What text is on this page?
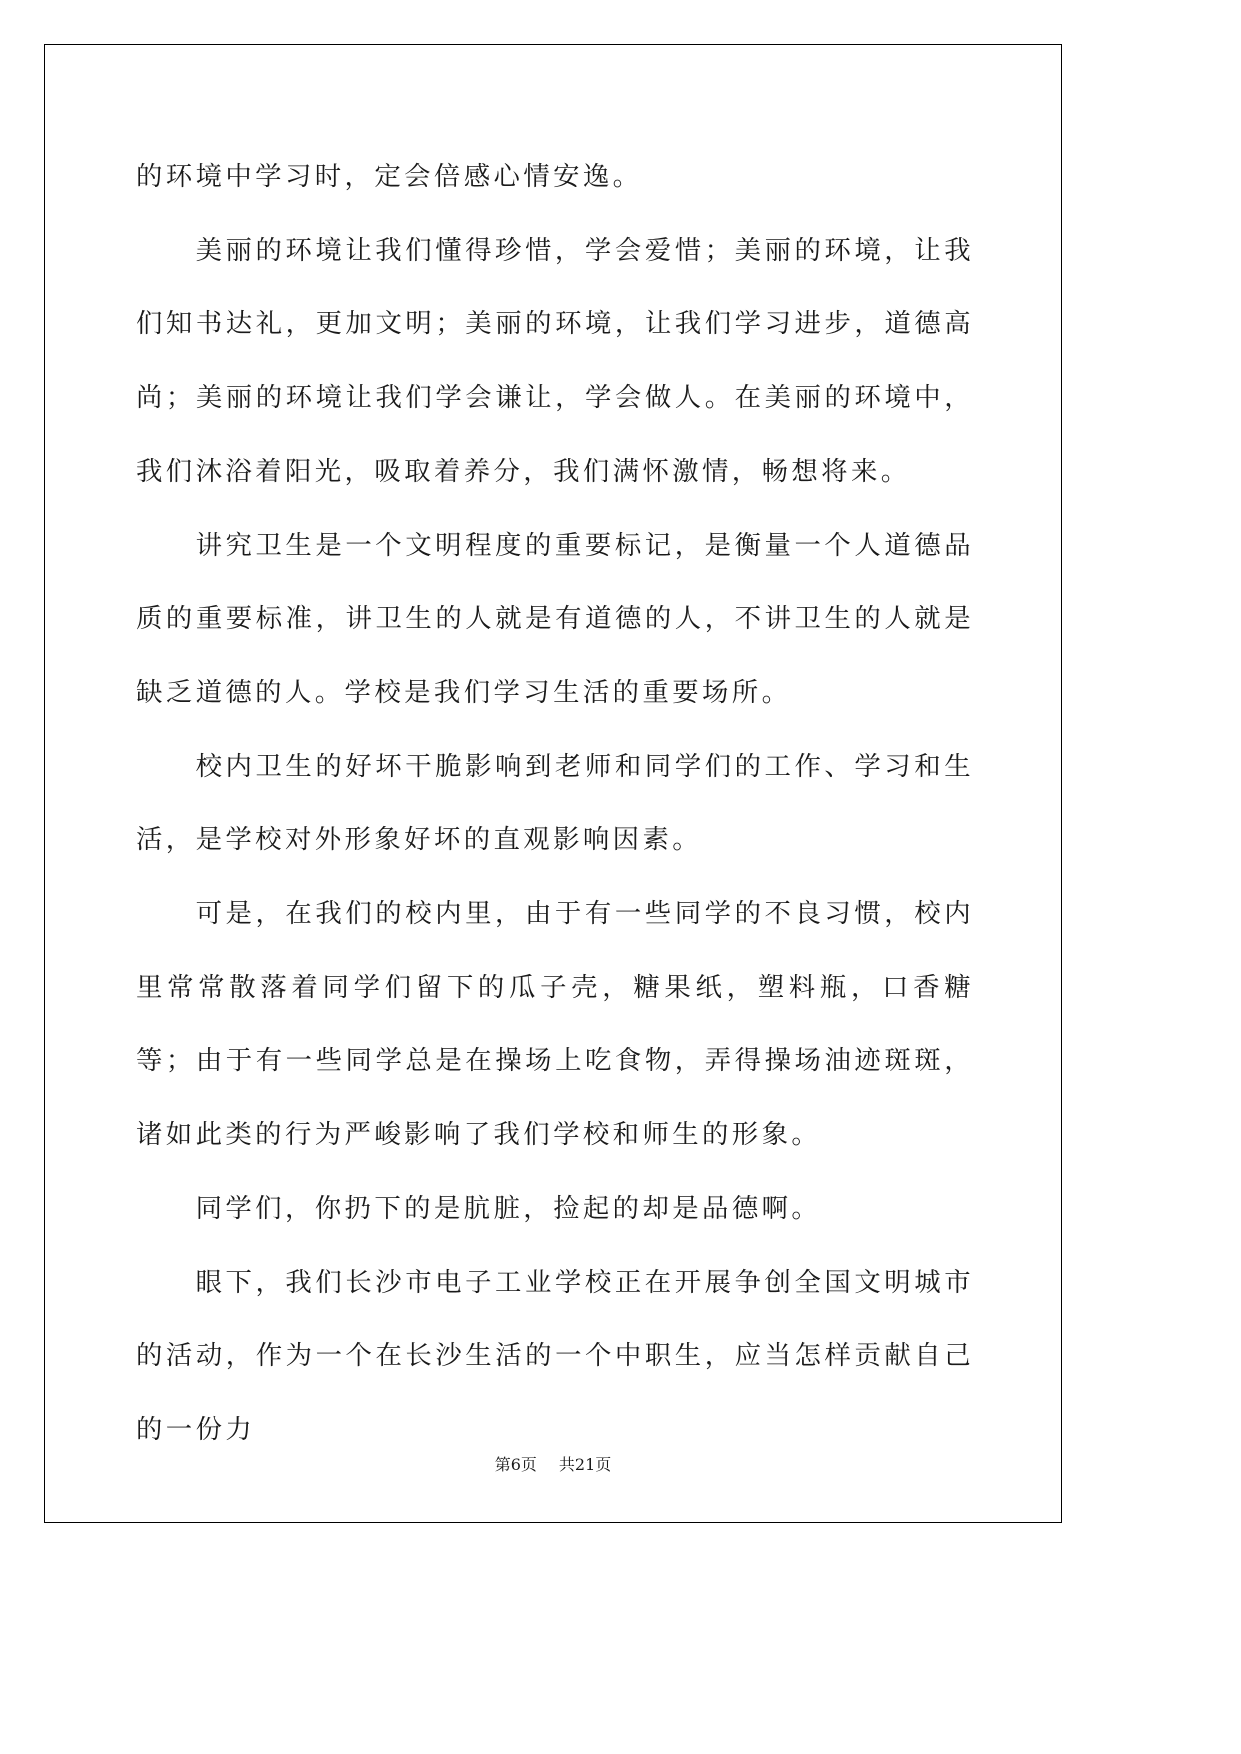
的环境中学习时，定会倍感心情安逸。

美丽的环境让我们懂得珍惜，学会爱惜；美丽的环境，让我们知书达礼，更加文明；美丽的环境，让我们学习进步，道德高尚；美丽的环境让我们学会谦让，学会做人。在美丽的环境中，我们沐浴着阳光，吸取着养分，我们满怀激情，畅想将来。

讲究卫生是一个文明程度的重要标记，是衡量一个人道德品质的重要标准，讲卫生的人就是有道德的人，不讲卫生的人就是缺乏道德的人。学校是我们学习生活的重要场所。

校内卫生的好坏干脆影响到老师和同学们的工作、学习和生活，是学校对外形象好坏的直观影响因素。

可是，在我们的校内里，由于有一些同学的不良习惯，校内里常常散落着同学们留下的瓜子壳，糖果纸，塑料瓶，口香糖等；由于有一些同学总是在操场上吃食物，弄得操场油迹斑斑，诸如此类的行为严峻影响了我们学校和师生的形象。

同学们，你扔下的是肮脏，捡起的却是品德啊。

眼下，我们长沙市电子工业学校正在开展争创全国文明城市的活动，作为一个在长沙生活的一个中职生，应当怎样贡献自己的一份力

第6页 共21页
